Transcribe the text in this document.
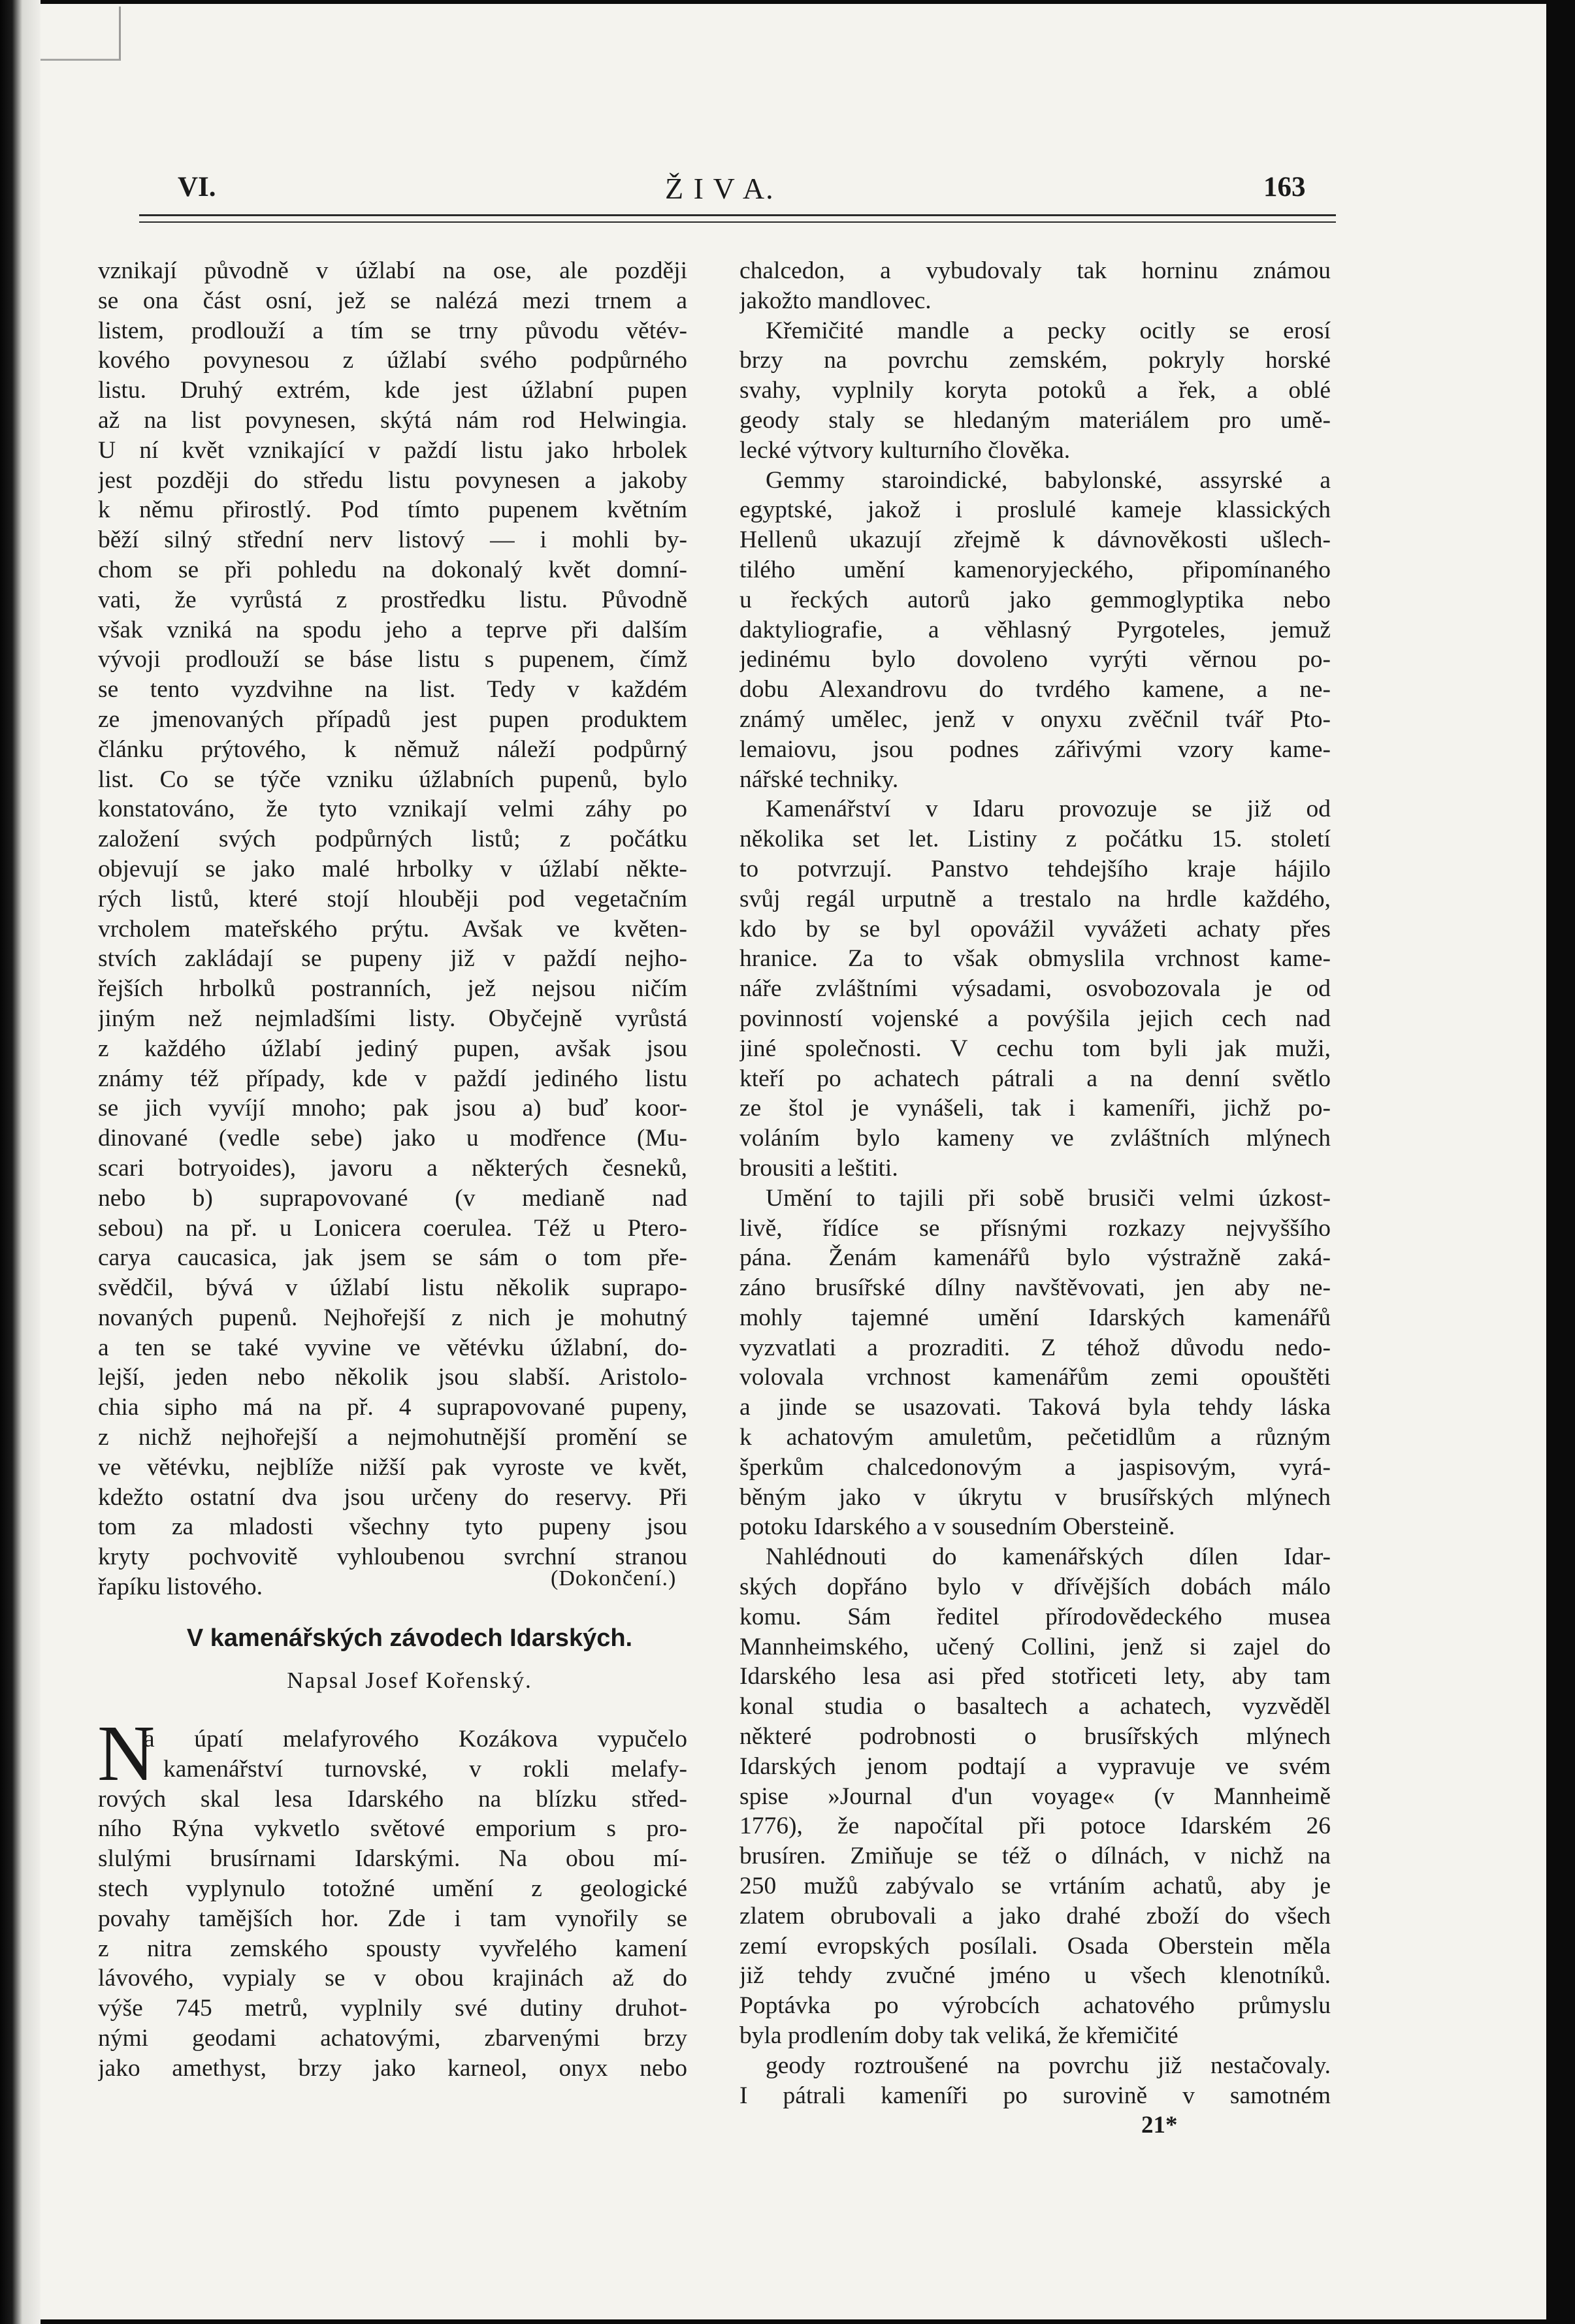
VI.	Ž I V A.	163
vznikají původně v úžlabí na ose, ale později
se ona část osní, jež se nalézá mezi trnem a
listem, prodlouží a tím se trny původu větév-
kového povynesou z úžlabí svého podpůrného
listu. Druhý extrém, kde jest úžlabní pupen
až na list povynesen, skýtá nám rod Helwingia.
U ní květ vznikající v paždí listu jako hrbolek
jest později do středu listu povynesen a jakoby
k němu přirostlý. Pod tímto pupenem květním
běží silný střední nerv listový — i mohli by-
chom se při pohledu na dokonalý květ domní-
vati, že vyrůstá z prostředku listu. Původně
však vzniká na spodu jeho a teprve při dalším
vývoji prodlouží se báse listu s pupenem, čímž
se tento vyzdvihne na list. Tedy v každém
ze jmenovaných případů jest pupen produktem
článku prýtového, k němuž náleží podpůrný
list. Co se týče vzniku úžlabních pupenů, bylo
konstatováno, že tyto vznikají velmi záhy po
založení svých podpůrných listů; z počátku
objevují se jako malé hrbolky v úžlabí někte-
rých listů, které stojí hlouběji pod vegetačním
vrcholem mateřského prýtu. Avšak ve květen-
stvích zakládají se pupeny již v paždí nejho-
řejších hrbolků postranních, jež nejsou ničím
jiným než nejmladšími listy. Obyčejně vyrůstá
z každého úžlabí jediný pupen, avšak jsou
známy též případy, kde v paždí jediného listu
se jich vyvíjí mnoho; pak jsou a) buď koor-
dinované (vedle sebe) jako u modřence (Mu-
scari botryoides), javoru a některých česneků,
nebo b) suprapovované (v medianě nad
sebou) na př. u Lonicera coerulea. Též u Ptero-
carya caucasica, jak jsem se sám o tom pře-
svědčil, bývá v úžlabí listu několik suprapo-
novaných pupenů. Nejhořejší z nich je mohutný
a ten se také vyvine ve větévku úžlabní, do-
lejší, jeden nebo několik jsou slabší. Aristolo-
chia sipho má na př. 4 suprapovované pupeny,
z nichž nejhořejší a nejmohutnější promění se
ve větévku, nejblíže nižší pak vyroste ve květ,
kdežto ostatní dva jsou určeny do reservy. Při
tom za mladosti všechny tyto pupeny jsou
kryty pochvovitě vyhloubenou svrchní stranou
řapíku listového.	(Dokončení.)
V kamenářských závodech Idarských.
Napsal Josef Kořenský.
N
a úpatí melafyrového Kozákova vypučelo
kamenářství turnovské, v rokli melafy-
rových skal lesa Idarského na blízku střed-
ního Rýna vykvetlo světové emporium s pro-
slulými brusírnami Idarskými. Na obou mí-
stech vyplynulo totožné umění z geologické
povahy tamějších hor. Zde i tam vynořily se
z nitra zemského spousty vyvřelého kamení
lávového, vypialy se v obou krajinách až do
výše 745 metrů, vyplnily své dutiny druhot-
nými geodami achatovými, zbarvenými brzy
jako amethyst, brzy jako karneol, onyx nebo
chalcedon, a vybudovaly tak horninu známou
jakožto mandlovec.
Křemičité mandle a pecky ocitly se erosí
brzy na povrchu zemském, pokryly horské
svahy, vyplnily koryta potoků a řek, a oblé
geody staly se hledaným materiálem pro umě-
lecké výtvory kulturního člověka.
Gemmy staroindické, babylonské, assyrské a
egyptské, jakož i proslulé kameje klassických
Hellenů ukazují zřejmě k dávnověkosti ušlech-
tilého umění kamenoryjeckého, připomínaného
u řeckých autorů jako gemmoglyptika nebo
daktyliografie, a věhlasný Pyrgoteles, jemuž
jedinému bylo dovoleno vyrýti věrnou po-
dobu Alexandrovu do tvrdého kamene, a ne-
známý umělec, jenž v onyxu zvěčnil tvář Pto-
lemaiovu, jsou podnes zářivými vzory kame-
nářské techniky.
Kamenářství v Idaru provozuje se již od
několika set let. Listiny z počátku 15. století
to potvrzují. Panstvo tehdejšího kraje hájilo
svůj regál urputně a trestalo na hrdle každého,
kdo by se byl opovážil vyvážeti achaty přes
hranice. Za to však obmyslila vrchnost kame-
náře zvláštními výsadami, osvobozovala je od
povinností vojenské a povýšila jejich cech nad
jiné společnosti. V cechu tom byli jak muži,
kteří po achatech pátrali a na denní světlo
ze štol je vynášeli, tak i kameníři, jichž po-
voláním bylo kameny ve zvláštních mlýnech
brousiti a leštiti.
Umění to tajili při sobě brusiči velmi úzkost-
livě, řídíce se přísnými rozkazy nejvyššího
pána. Ženám kamenářů bylo výstražně zaká-
záno brusířské dílny navštěvovati, jen aby ne-
mohly tajemné umění Idarských kamenářů
vyzvatlati a prozraditi. Z téhož důvodu nedo-
volovala vrchnost kamenářům zemi opouštěti
a jinde se usazovati. Taková byla tehdy láska
k achatovým amuletům, pečetidlům a různým
šperkům chalcedonovým a jaspisovým, vyrá-
běným jako v úkrytu v brusířských mlýnech
potoku Idarského a v sousedním Obersteině.
Nahlédnouti do kamenářských dílen Idar-
ských dopřáno bylo v dřívějších dobách málo
komu. Sám ředitel přírodovědeckého musea
Mannheimského, učený Collini, jenž si zajel do
Idarského lesa asi před stotřiceti lety, aby tam
konal studia o basaltech a achatech, vyzvěděl
některé podrobnosti o brusířských mlýnech
Idarských jenom podtají a vypravuje ve svém
spise »Journal d'un voyage« (v Mannheimě
1776), že napočítal při potoce Idarském 26
brusíren. Zmiňuje se též o dílnách, v nichž na
250 mužů zabývalo se vrtáním achatů, aby je
zlatem obrubovali a jako drahé zboží do všech
zemí evropských posílali. Osada Oberstein měla
již tehdy zvučné jméno u všech klenotníků.
Poptávka po výrobcích achatového průmyslu
byla prodlením doby tak veliká, že křemičité
geody roztroušené na povrchu již nestačovaly.
I pátrali kameníři po surovině v samotném
21*
